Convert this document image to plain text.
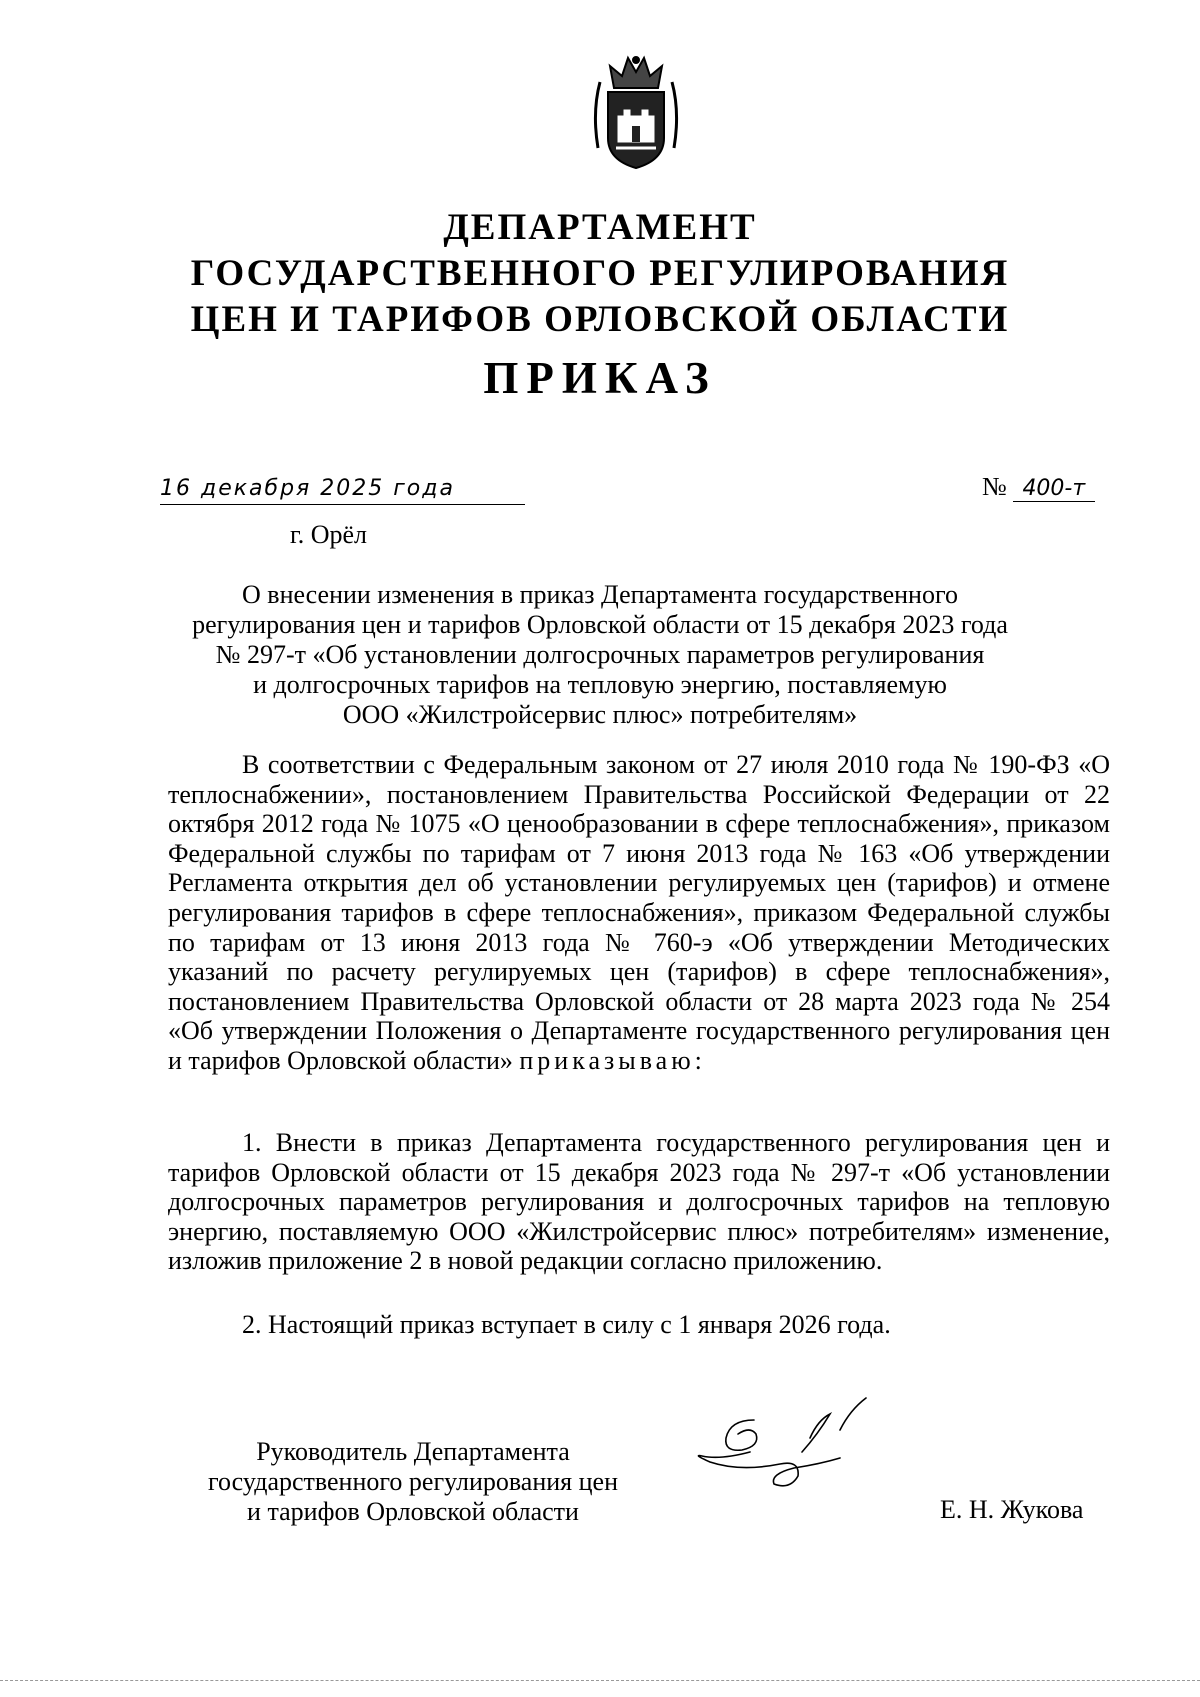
ДЕПАРТАМЕНТ
ГОСУДАРСТВЕННОГО РЕГУЛИРОВАНИЯ
ЦЕН И ТАРИФОВ ОРЛОВСКОЙ ОБЛАСТИ
ПРИКАЗ
16 декабря 2025 года	№ 400-т
г. Орёл
О внесении изменения в приказ Департамента государственного
регулирования цен и тарифов Орловской области от 15 декабря 2023 года
№ 297-т «Об установлении долгосрочных параметров регулирования
и долгосрочных тарифов на тепловую энергию, поставляемую
ООО «Жилстройсервис плюс» потребителям»
В соответствии с Федеральным законом от 27 июля 2010 года № 190-ФЗ «О теплоснабжении», постановлением Правительства Российской Федерации от 22 октября 2012 года № 1075 «О ценообразовании в сфере теплоснабжения», приказом Федеральной службы по тарифам от 7 июня 2013 года № 163 «Об утверждении Регламента открытия дел об установлении регулируемых цен (тарифов) и отмене регулирования тарифов в сфере теплоснабжения», приказом Федеральной службы по тарифам от 13 июня 2013 года № 760-э «Об утверждении Методических указаний по расчету регулируемых цен (тарифов) в сфере теплоснабжения», постановлением Правительства Орловской области от 28 марта 2023 года № 254 «Об утверждении Положения о Департаменте государственного регулирования цен и тарифов Орловской области» приказываю:
1. Внести в приказ Департамента государственного регулирования цен и тарифов Орловской области от 15 декабря 2023 года № 297-т «Об установлении долгосрочных параметров регулирования и долгосрочных тарифов на тепловую энергию, поставляемую ООО «Жилстройсервис плюс» потребителям» изменение, изложив приложение 2 в новой редакции согласно приложению.
2. Настоящий приказ вступает в силу с 1 января 2026 года.
Руководитель Департамента
государственного регулирования цен
и тарифов Орловской области	Е. Н. Жукова
